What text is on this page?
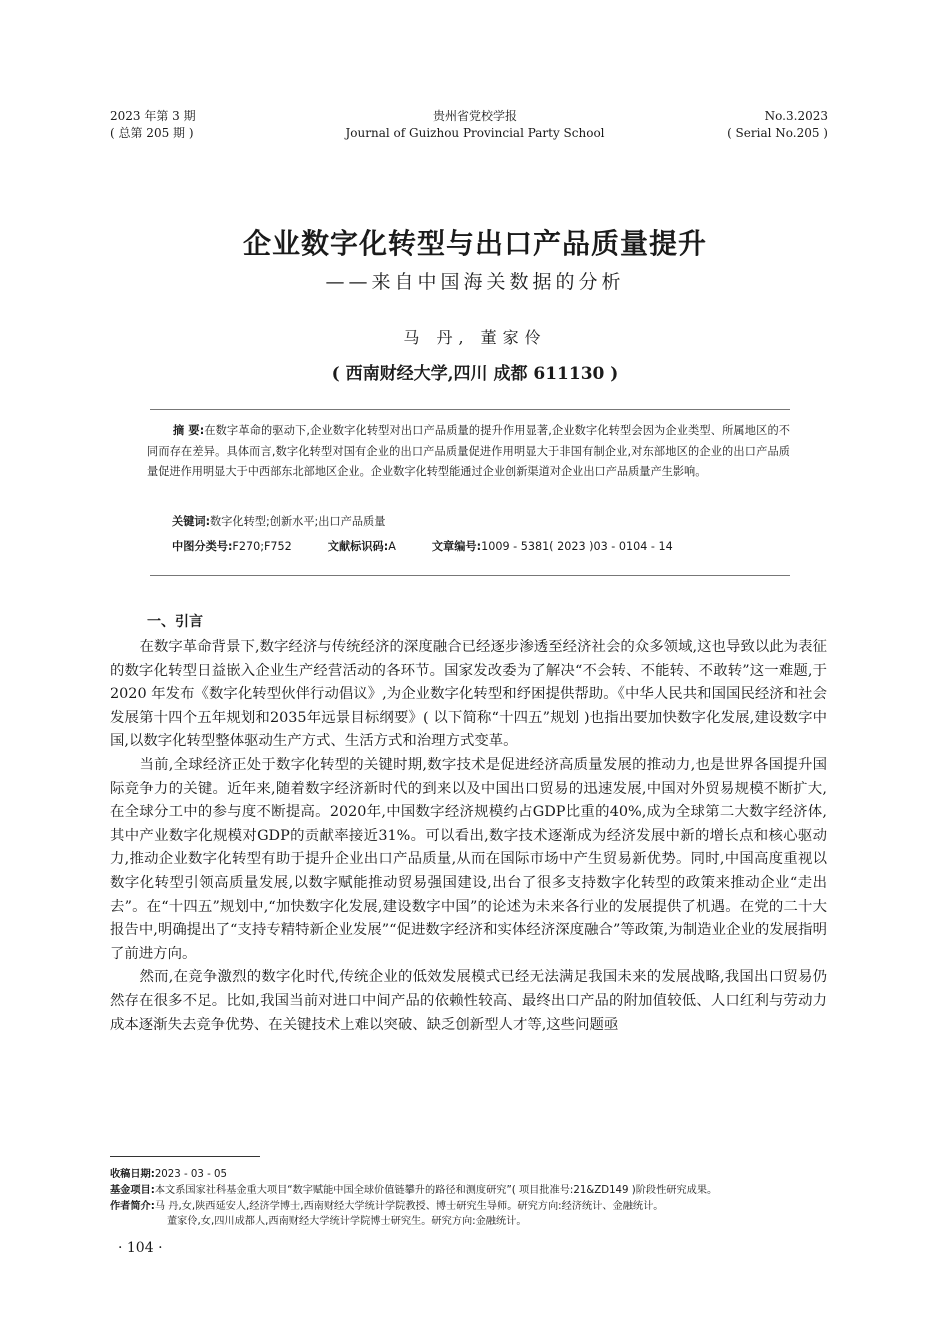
2023 年第 3 期
( 总第 205 期 )
贵州省党校学报
Journal of Guizhou Provincial Party School
No.3.2023
( Serial No.205 )
企业数字化转型与出口产品质量提升
——来自中国海关数据的分析
马 丹, 董家伶
( 西南财经大学,四川 成都 611130 )
摘 要:在数字革命的驱动下,企业数字化转型对出口产品质量的提升作用显著,企业数字化转型会因为企业类型、所属地区的不同而存在差异。具体而言,数字化转型对国有企业的出口产品质量促进作用明显大于非国有制企业,对东部地区的企业的出口产品质量促进作用明显大于中西部东北部地区企业。企业数字化转型能通过企业创新渠道对企业出口产品质量产生影响。
关键词:数字化转型;创新水平;出口产品质量
中图分类号:F270;F752	文献标识码:A	文章编号:1009 - 5381( 2023 )03 - 0104 - 14
一、引言

在数字革命背景下,数字经济与传统经济的深度融合已经逐步渗透至经济社会的众多领域,这也导致以此为表征的数字化转型日益嵌入企业生产经营活动的各环节。国家发改委为了解决“不会转、不能转、不敢转”这一难题,于2020 年发布《数字化转型伙伴行动倡议》,为企业数字化转型和纾困提供帮助。《中华人民共和国国民经济和社会发展第十四个五年规划和2035年远景目标纲要》( 以下简称“十四五”规划 )也指出要加快数字化发展,建设数字中国,以数字化转型整体驱动生产方式、生活方式和治理方式变革。

当前,全球经济正处于数字化转型的关键时期,数字技术是促进经济高质量发展的推动力,也是世界各国提升国际竞争力的关键。近年来,随着数字经济新时代的到来以及中国出口贸易的迅速发展,中国对外贸易规模不断扩大,在全球分工中的参与度不断提高。2020年,中国数字经济规模约占GDP比重的40%,成为全球第二大数字经济体,其中产业数字化规模对GDP的贡献率接近31%。可以看出,数字技术逐渐成为经济发展中新的增长点和核心驱动力,推动企业数字化转型有助于提升企业出口产品质量,从而在国际市场中产生贸易新优势。同时,中国高度重视以数字化转型引领高质量发展,以数字赋能推动贸易强国建设,出台了很多支持数字化转型的政策来推动企业“走出去”。在“十四五”规划中,“加快数字化发展,建设数字中国”的论述为未来各行业的发展提供了机遇。在党的二十大报告中,明确提出了“支持专精特新企业发展”“促进数字经济和实体经济深度融合”等政策,为制造业企业的发展指明了前进方向。

然而,在竞争激烈的数字化时代,传统企业的低效发展模式已经无法满足我国未来的发展战略,我国出口贸易仍然存在很多不足。比如,我国当前对进口中间产品的依赖性较高、最终出口产品的附加值较低、人口红利与劳动力成本逐渐失去竞争优势、在关键技术上难以突破、缺乏创新型人才等,这些问题亟

收稿日期:2023 - 03 - 05
基金项目:本文系国家社科基金重大项目“数字赋能中国全球价值链攀升的路径和测度研究”( 项目批准号:21&ZD149 )阶段性研究成果。
作者简介:马 丹,女,陕西延安人,经济学博士,西南财经大学统计学院教授、博士研究生导师。研究方向:经济统计、金融统计。
董家伶,女,四川成都人,西南财经大学统计学院博士研究生。研究方向:金融统计。
· 104 ·
